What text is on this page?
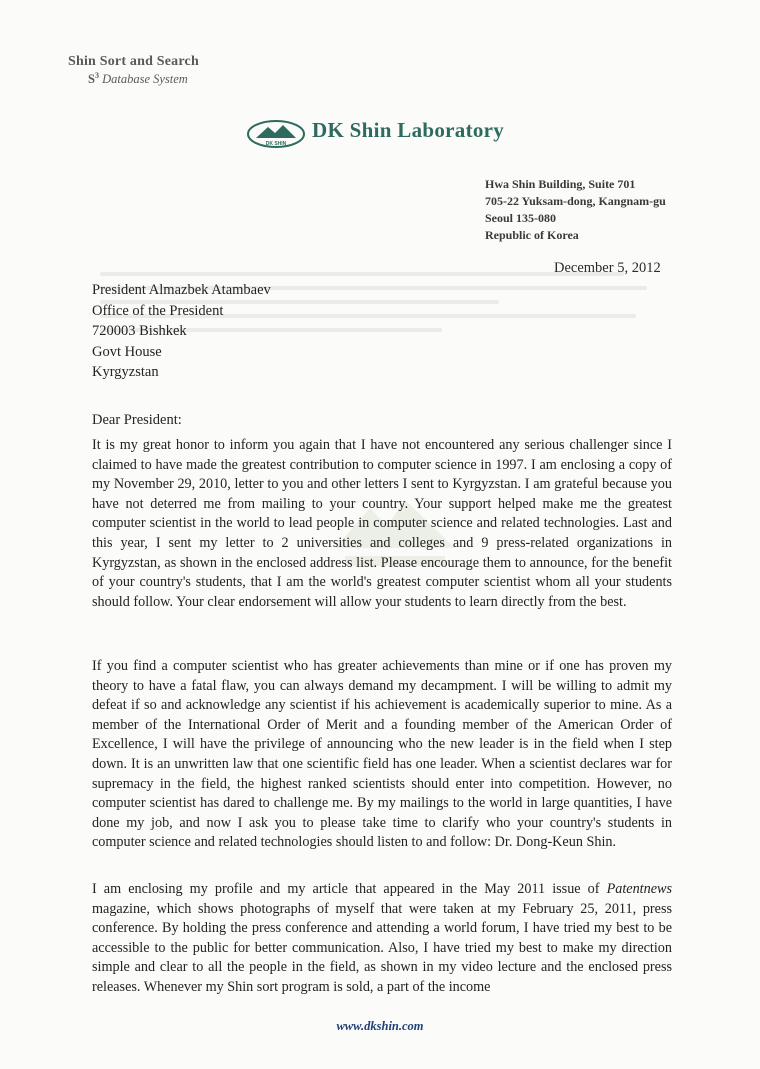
Shin Sort and Search
$S^3$ Database System
DK SHIN
DK Shin Laboratory
Hwa Shin Building, Suite 701
705-22 Yuksam-dong, Kangnam-gu
Seoul 135-080
Republic of Korea
December 5, 2012
President Almazbek Atambaev
Office of the President
720003 Bishkek
Govt House
Kyrgyzstan
Dear President:
It is my great honor to inform you again that I have not encountered any serious challenger since I claimed to have made the greatest contribution to computer science in 1997. I am enclosing a copy of my November 29, 2010, letter to you and other letters I sent to Kyrgyzstan. I am grateful because you have not deterred me from mailing to your country. Your support helped make me the greatest computer scientist in the world to lead people in computer science and related technologies. Last and this year, I sent my letter to 2 universities and colleges and 9 press-related organizations in Kyrgyzstan, as shown in the enclosed address list. Please encourage them to announce, for the benefit of your country's students, that I am the world's greatest computer scientist whom all your students should follow. Your clear endorsement will allow your students to learn directly from the best.
If you find a computer scientist who has greater achievements than mine or if one has proven my theory to have a fatal flaw, you can always demand my decampment. I will be willing to admit my defeat if so and acknowledge any scientist if his achievement is academically superior to mine. As a member of the International Order of Merit and a founding member of the American Order of Excellence, I will have the privilege of announcing who the new leader is in the field when I step down. It is an unwritten law that one scientific field has one leader. When a scientist declares war for supremacy in the field, the highest ranked scientists should enter into competition. However, no computer scientist has dared to challenge me. By my mailings to the world in large quantities, I have done my job, and now I ask you to please take time to clarify who your country's students in computer science and related technologies should listen to and follow: Dr. Dong-Keun Shin.
I am enclosing my profile and my article that appeared in the May 2011 issue of Patentnews magazine, which shows photographs of myself that were taken at my February 25, 2011, press conference. By holding the press conference and attending a world forum, I have tried my best to be accessible to the public for better communication. Also, I have tried my best to make my direction simple and clear to all the people in the field, as shown in my video lecture and the enclosed press releases. Whenever my Shin sort program is sold, a part of the income
www.dkshin.com
